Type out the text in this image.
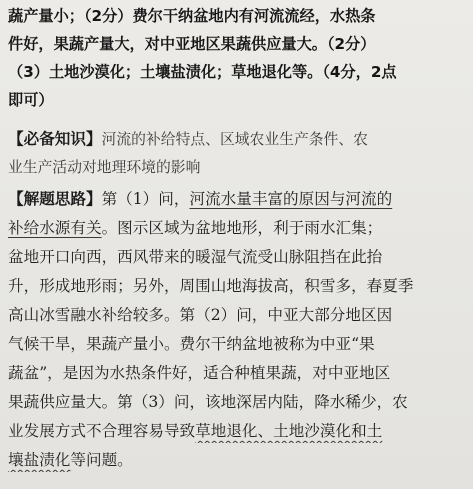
蔬产量小；（2分）费尔干纳盆地内有河流流经，水热条
件好，果蔬产量大，对中亚地区果蔬供应量大。（2分）
（3）土地沙漠化；土壤盐渍化；草地退化等。（4分，2点
即可）
【必备知识】河流的补给特点、区域农业生产条件、农
业生产活动对地理环境的影响
【解题思路】第（1）问，河流水量丰富的原因与河流的
补给水源有关。图示区域为盆地地形，利于雨水汇集；
盆地开口向西，西风带来的暖湿气流受山脉阻挡在此抬
升，形成地形雨；另外，周围山地海拔高，积雪多，春夏季
高山冰雪融水补给较多。第（2）问，中亚大部分地区因
气候干旱，果蔬产量小。费尔干纳盆地被称为中亚“果
蔬盆”，是因为水热条件好，适合种植果蔬，对中亚地区
果蔬供应量大。第（3）问，该地深居内陆，降水稀少，农
业发展方式不合理容易导致草地退化、土地沙漠化和土
壤盐渍化等问题。
